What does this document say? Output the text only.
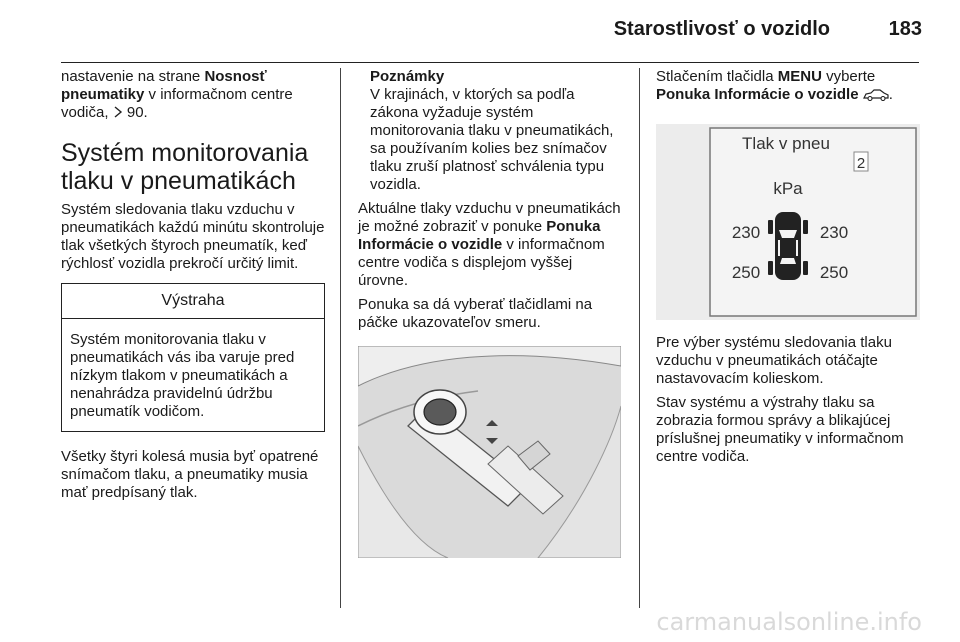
Starostlivosť o vozidlo	183

nastavenie na strane Nosnosť pneumatiky v informačnom centre vodiča,  90.

Systém monitorovania tlaku v pneumatikách

Systém sledovania tlaku vzduchu v pneumatikách každú minútu skontroluje tlak všetkých štyroch pneumatík, keď rýchlosť vozidla prekročí určitý limit.

Výstraha
Systém monitorovania tlaku v pneumatikách vás iba varuje pred nízkym tlakom v pneumatikách a nenahrádza pravidelnú údržbu pneumatík vodičom.

Všetky štyri kolesá musia byť opatrené snímačom tlaku, a pneumatiky musia mať predpísaný tlak.

Poznámky
V krajinách, v ktorých sa podľa zákona vyžaduje systém monitorovania tlaku v pneumatikách, sa používaním kolies bez snímačov tlaku zruší platnosť schválenia typu vozidla.

Aktuálne tlaky vzduchu v pneumatikách je možné zobraziť v ponuke Ponuka Informácie o vozidle v informačnom centre vodiča s displejom vyššej úrovne.

Ponuka sa dá vyberať tlačidlami na páčke ukazovateľov smeru.

Stlačením tlačidla MENU vyberte Ponuka Informácie o vozidle .

Tlak v pneu
2
kPa
230	230
250	250

Pre výber systému sledovania tlaku vzduchu v pneumatikách otáčajte nastavovacím kolieskom.

Stav systému a výstrahy tlaku sa zobrazia formou správy a blikajúcej príslušnej pneumatiky v informačnom centre vodiča.

carmanualsonline.info
